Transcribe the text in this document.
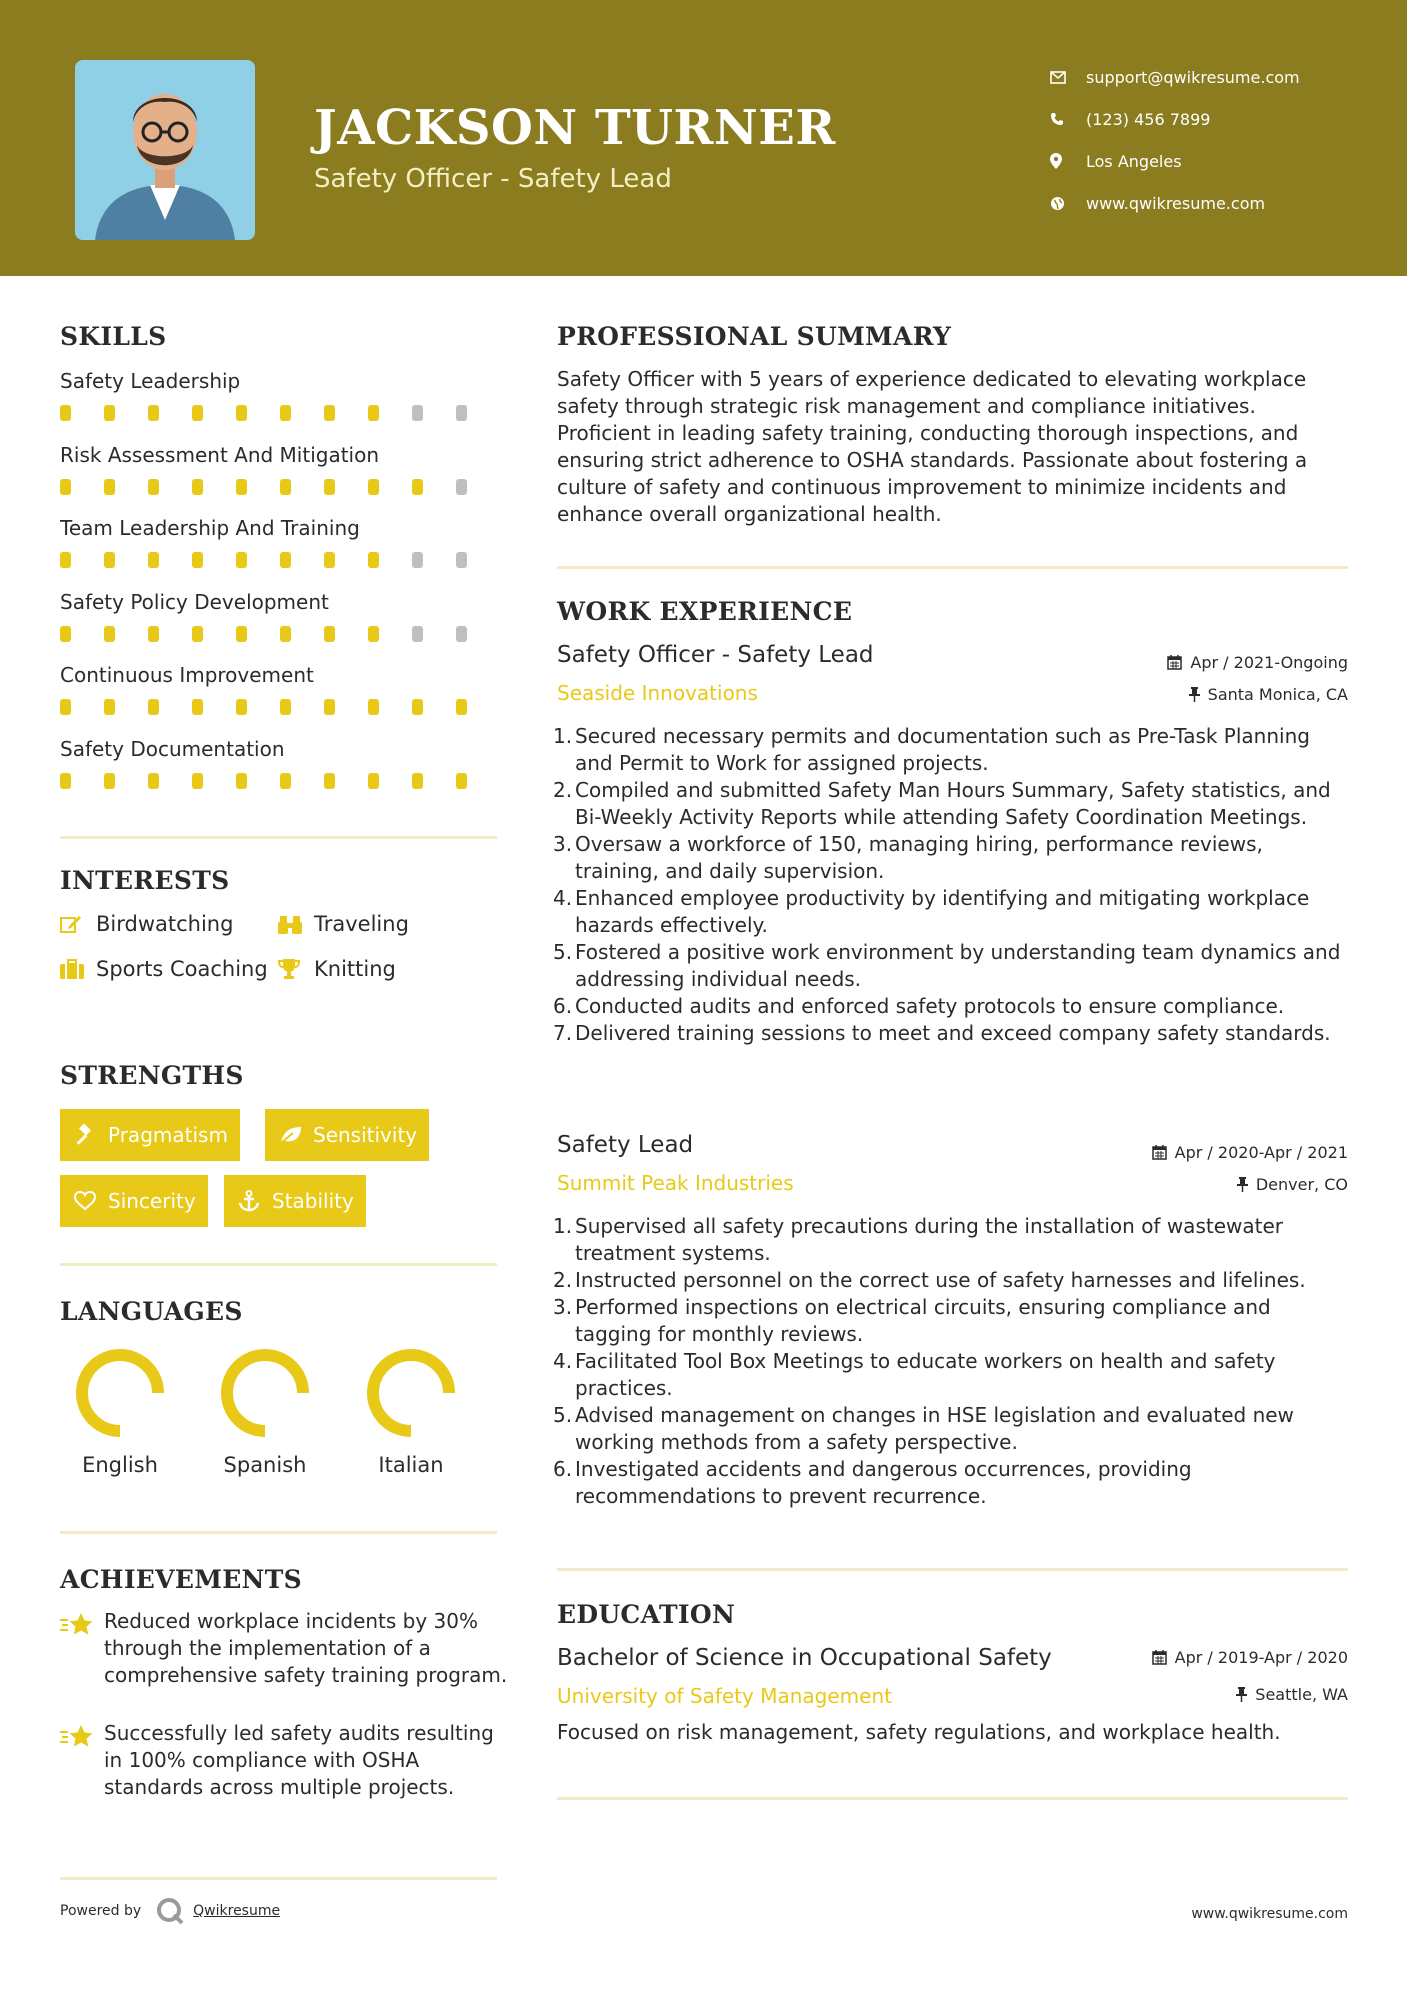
JACKSON TURNER
Safety Officer - Safety Lead
support@qwikresume.com
(123) 456 7899
Los Angeles
www.qwikresume.com
SKILLS
Safety Leadership
Risk Assessment And Mitigation
Team Leadership And Training
Safety Policy Development
Continuous Improvement
Safety Documentation
INTERESTS
Birdwatching	Traveling
Sports Coaching Knitting
STRENGTHS
Pragmatism	Sensitivity
Sincerity	Stability
LANGUAGES
English	Spanish	Italian
ACHIEVEMENTS
Reduced workplace incidents by 30% through the implementation of a comprehensive safety training program.
Successfully led safety audits resulting in 100% compliance with OSHA standards across multiple projects.
PROFESSIONAL SUMMARY
Safety Officer with 5 years of experience dedicated to elevating workplace safety through strategic risk management and compliance initiatives. Proficient in leading safety training, conducting thorough inspections, and ensuring strict adherence to OSHA standards. Passionate about fostering a culture of safety and continuous improvement to minimize incidents and enhance overall organizational health.
WORK EXPERIENCE
Safety Officer - Safety Lead
Seaside Innovations
Apr / 2021-Ongoing
Santa Monica, CA
1. Secured necessary permits and documentation such as Pre-Task Planning and Permit to Work for assigned projects.
2. Compiled and submitted Safety Man Hours Summary, Safety statistics, and Bi-Weekly Activity Reports while attending Safety Coordination Meetings.
3. Oversaw a workforce of 150, managing hiring, performance reviews, training, and daily supervision.
4. Enhanced employee productivity by identifying and mitigating workplace hazards effectively.
5. Fostered a positive work environment by understanding team dynamics and addressing individual needs.
6. Conducted audits and enforced safety protocols to ensure compliance.
7. Delivered training sessions to meet and exceed company safety standards.
Safety Lead
Summit Peak Industries
Apr / 2020-Apr / 2021
Denver, CO
1. Supervised all safety precautions during the installation of wastewater treatment systems.
2. Instructed personnel on the correct use of safety harnesses and lifelines.
3. Performed inspections on electrical circuits, ensuring compliance and tagging for monthly reviews.
4. Facilitated Tool Box Meetings to educate workers on health and safety practices.
5. Advised management on changes in HSE legislation and evaluated new working methods from a safety perspective.
6. Investigated accidents and dangerous occurrences, providing recommendations to prevent recurrence.
EDUCATION
Bachelor of Science in Occupational Safety
University of Safety Management
Apr / 2019-Apr / 2020
Seattle, WA
Focused on risk management, safety regulations, and workplace health.
Powered by	Qwikresume	www.qwikresume.com
